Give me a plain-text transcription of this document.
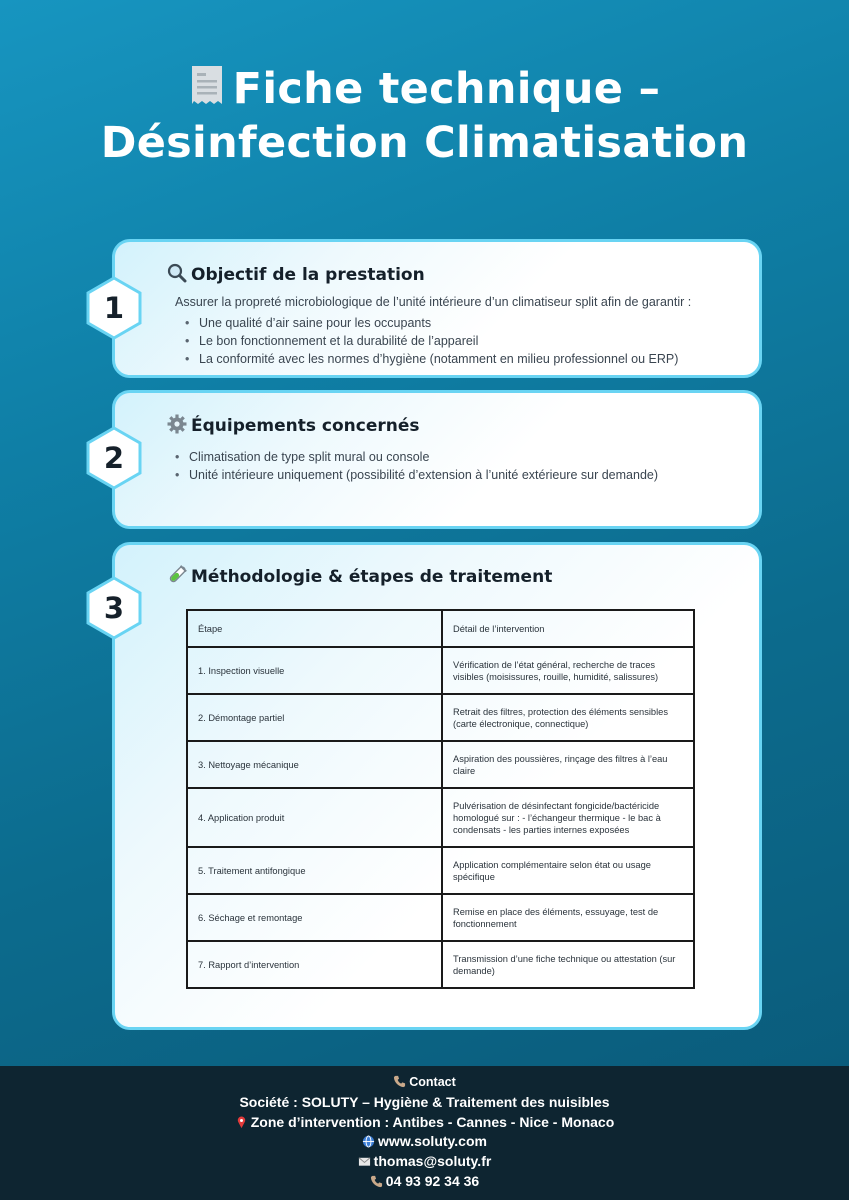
Fiche technique –
Désinfection Climatisation
Objectif de la prestation
Assurer la propreté microbiologique de l’unité intérieure d’un climatiseur split afin de garantir :
• Une qualité d’air saine pour les occupants
• Le bon fonctionnement et la durabilité de l’appareil
• La conformité avec les normes d’hygiène (notamment en milieu professionnel ou ERP)
1
Équipements concernés
• Climatisation de type split mural ou console
• Unité intérieure uniquement (possibilité d’extension à l’unité extérieure sur demande)
2
Méthodologie & étapes de traitement
Étape	Détail de l’intervention
1. Inspection visuelle	Vérification de l’état général, recherche de traces visibles (moisissures, rouille, humidité, salissures)
2. Démontage partiel	Retrait des filtres, protection des éléments sensibles (carte électronique, connectique)
3. Nettoyage mécanique	Aspiration des poussières, rinçage des filtres à l’eau claire
4. Application produit	Pulvérisation de désinfectant fongicide/bactéricide homologué sur : - l’échangeur thermique - le bac à condensats - les parties internes exposées
5. Traitement antifongique	Application complémentaire selon état ou usage spécifique
6. Séchage et remontage	Remise en place des éléments, essuyage, test de fonctionnement
7. Rapport d’intervention	Transmission d’une fiche technique ou attestation (sur demande)
3
Contact
Société : SOLUTY – Hygiène & Traitement des nuisibles
Zone d’intervention : Antibes - Cannes - Nice - Monaco
www.soluty.com
thomas@soluty.fr
04 93 92 34 36
